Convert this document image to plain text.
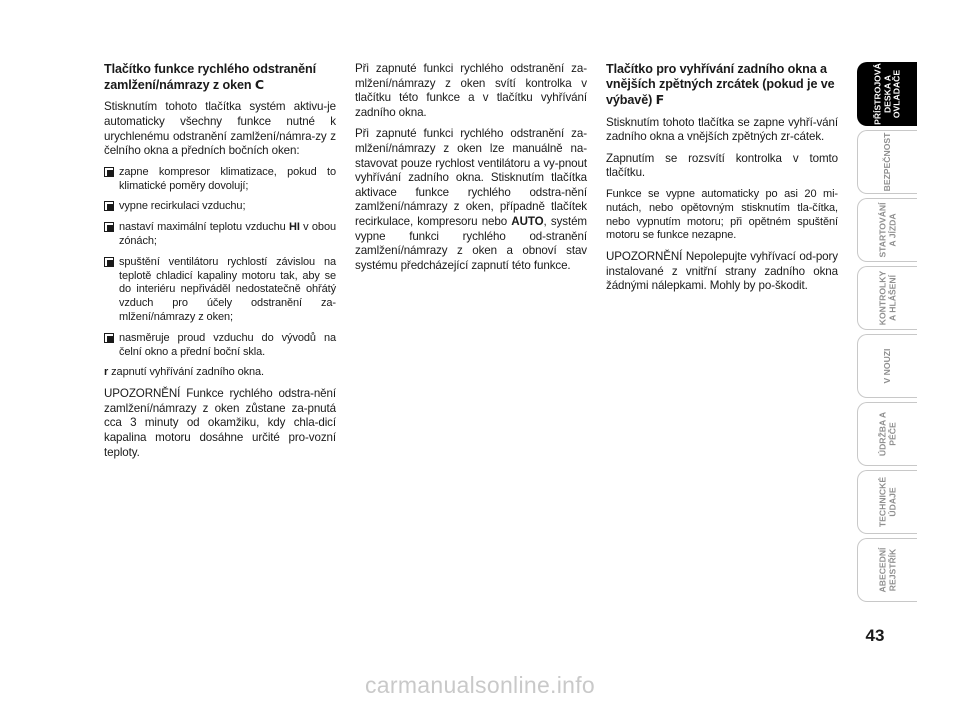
Tlačítko funkce rychlého odstranění zamlžení/námrazy z oken C

Stisknutím tohoto tlačítka systém aktivu-je automaticky všechny funkce nutné k urychlenému odstranění zamlžení/námra-zy z čelního okna a předních bočních oken:

zapne kompresor klimatizace, pokud to klimatické poměry dovolují;
vypne recirkulaci vzduchu;
nastaví maximální teplotu vzduchu HI v obou zónách;
spuštění ventilátoru rychlostí závislou na teplotě chladicí kapaliny motoru tak, aby se do interiéru nepřiváděl nedostatečně ohřátý vzduch pro účely odstranění za-mlžení/námrazy z oken;
nasměruje proud vzduchu do vývodů na čelní okno a přední boční skla.

r zapnutí vyhřívání zadního okna.

UPOZORNĚNÍ Funkce rychlého odstra-nění zamlžení/námrazy z oken zůstane za-pnutá cca 3 minuty od okamžiku, kdy chla-dicí kapalina motoru dosáhne určité pro-vozní teploty.

Při zapnuté funkci rychlého odstranění za-mlžení/námrazy z oken svítí kontrolka v tlačítku této funkce a v tlačítku vyhřívání zadního okna.

Při zapnuté funkci rychlého odstranění za-mlžení/námrazy z oken lze manuálně na-stavovat pouze rychlost ventilátoru a vy-pnout vyhřívání zadního okna. Stisknutím tlačítka aktivace funkce rychlého odstra-nění zamlžení/námrazy z oken, případně tlačítek recirkulace, kompresoru nebo AUTO, systém vypne funkci rychlého od-stranění zamlžení/námrazy z oken a obnoví stav systému předcházející zapnutí této funkce.

Tlačítko pro vyhřívání zadního okna a vnějších zpětných zrcátek (pokud je ve výbavě) F

Stisknutím tohoto tlačítka se zapne vyhří-vání zadního okna a vnějších zpětných zr-cátek.

Zapnutím se rozsvítí kontrolka v tomto tlačítku.

Funkce se vypne automaticky po asi 20 mi-nutách, nebo opětovným stisknutím tla-čítka, nebo vypnutím motoru; při opětném spuštění motoru se funkce nezapne.

UPOZORNĚNÍ Nepolepujte vyhřívací od-pory instalované z vnitřní strany zadního okna žádnými nálepkami. Mohly by po-škodit.

PŘÍSTROJOVÁ
DESKA A
OVLADAČE
BEZPEČNOST
STARTOVÁNÍ
A JÍZDA
KONTROLKY
A HLÁŠENÍ
V NOUZI
ÚDRŽBA A
PÉČE
TECHNICKÉ
ÚDAJE
ABECEDNÍ
REJSTŘÍK
43
carmanualsonline.info
